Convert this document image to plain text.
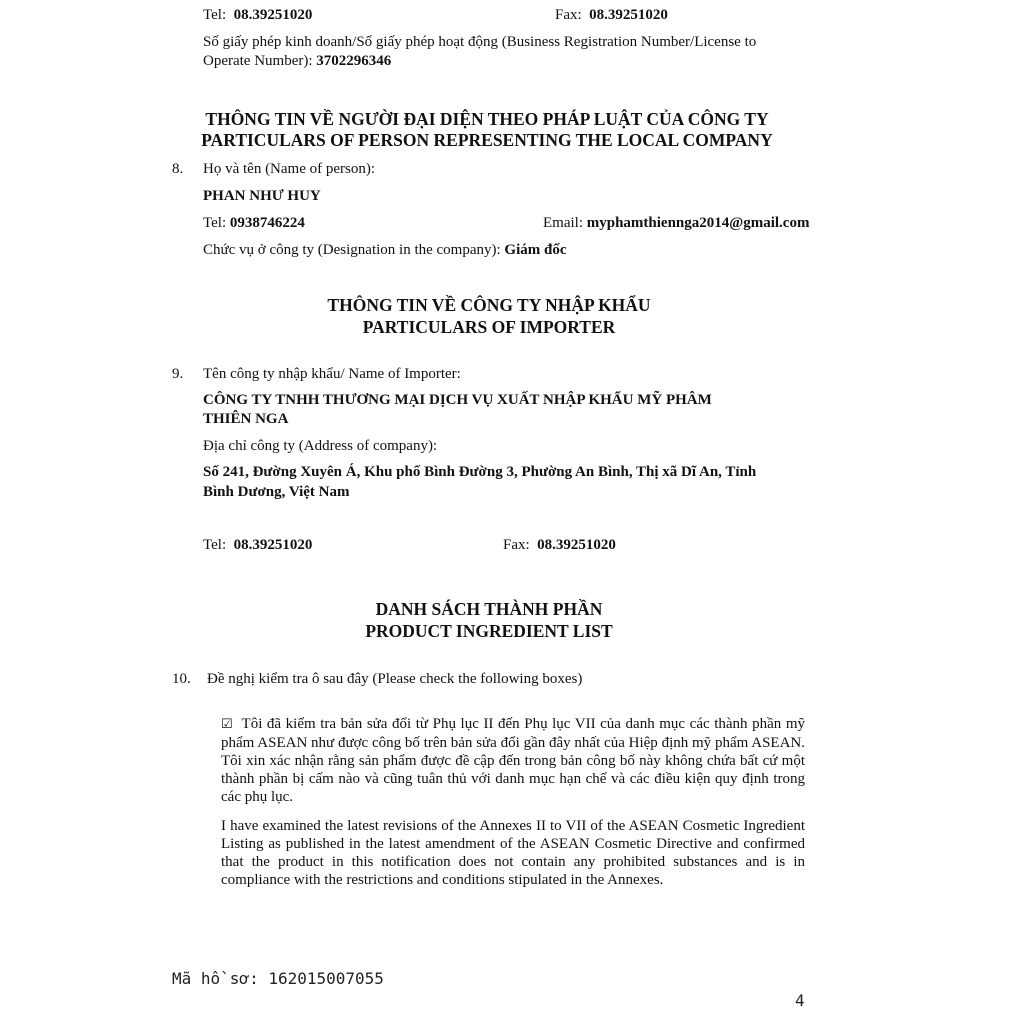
Tel: 08.39251020	Fax: 08.39251020
Số giấy phép kinh doanh/Số giấy phép hoạt động (Business Registration Number/License to
Operate Number): 3702296346
THÔNG TIN VỀ NGƯỜI ĐẠI DIỆN THEO PHÁP LUẬT CỦA CÔNG TY
PARTICULARS OF PERSON REPRESENTING THE LOCAL COMPANY
8. Họ và tên (Name of person):
PHAN NHƯ HUY
Tel: 0938746224	Email: myphamthiennga2014@gmail.com
Chức vụ ở công ty (Designation in the company): Giám đốc
THÔNG TIN VỀ CÔNG TY NHẬP KHẨU
PARTICULARS OF IMPORTER
9. Tên công ty nhập khẩu/ Name of Importer:
CÔNG TY TNHH THƯƠNG MẠI DỊCH VỤ XUẤT NHẬP KHẨU MỸ PHÂM
THIÊN NGA
Địa chỉ công ty (Address of company):
Số 241, Đường Xuyên Á, Khu phố Bình Đường 3, Phường An Bình, Thị xã Dĩ An, Tỉnh
Bình Dương, Việt Nam
Tel: 08.39251020	Fax: 08.39251020
DANH SÁCH THÀNH PHẦN
PRODUCT INGREDIENT LIST
10. Đề nghị kiểm tra ô sau đây (Please check the following boxes)
☑ Tôi đã kiểm tra bản sửa đổi từ Phụ lục II đến Phụ lục VII của danh mục các thành phần mỹ phẩm ASEAN như được công bố trên bản sửa đổi gần đây nhất của Hiệp định mỹ phẩm ASEAN. Tôi xin xác nhận rằng sản phẩm được đề cập đến trong bản công bố này không chứa bất cứ một thành phần bị cấm nào và cũng tuân thủ với danh mục hạn chế và các điều kiện quy định trong các phụ lục.
I have examined the latest revisions of the Annexes II to VII of the ASEAN Cosmetic Ingredient Listing as published in the latest amendment of the ASEAN Cosmetic Directive and confirmed that the product in this notification does not contain any prohibited substances and is in compliance with the restrictions and conditions stipulated in the Annexes.
Mã hồ sơ: 162015007055
4
